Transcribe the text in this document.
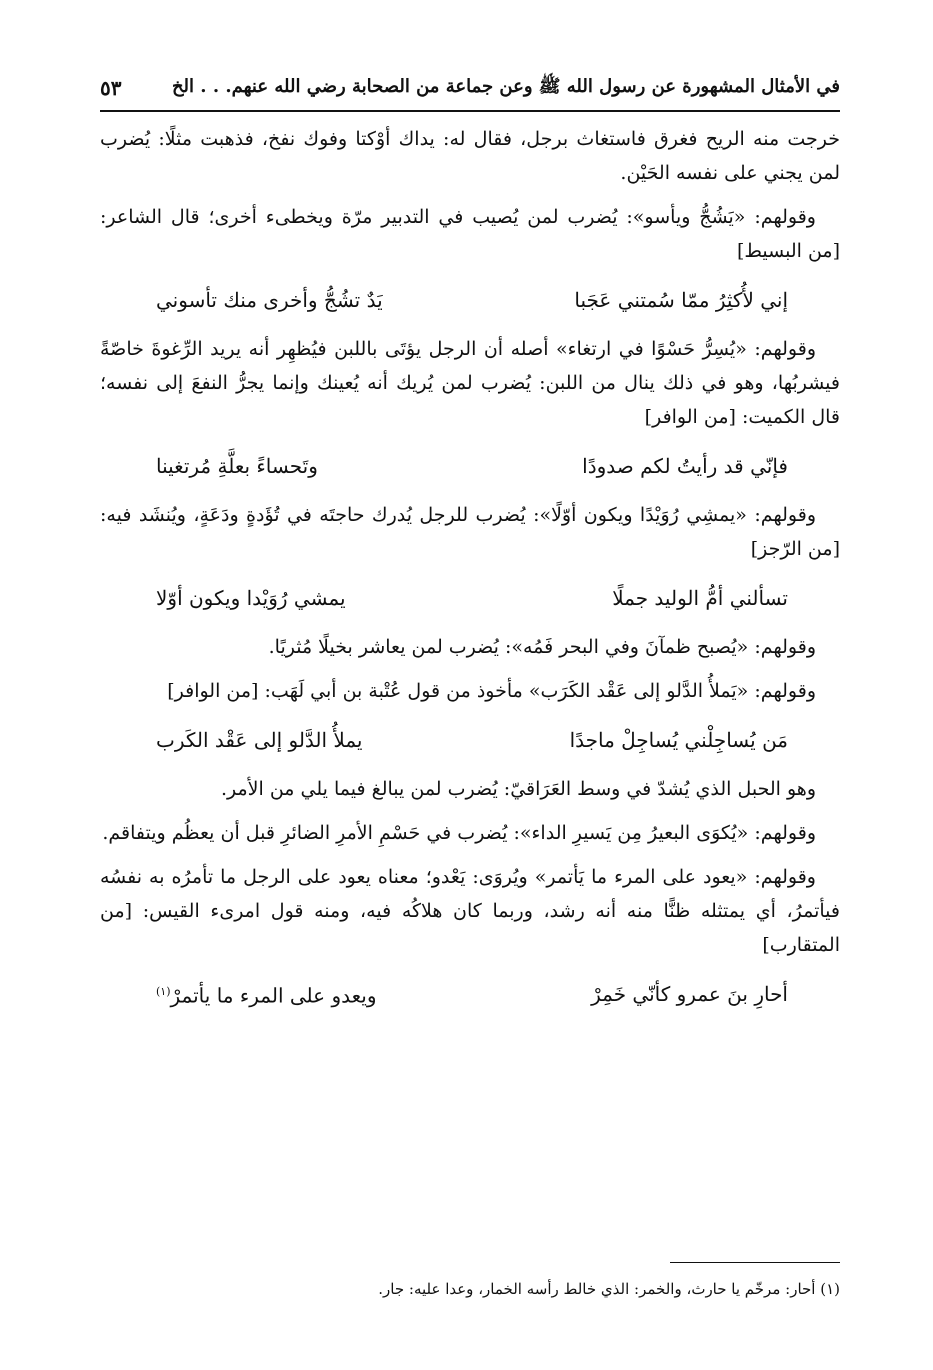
في الأمثال المشهورة عن رسول الله ﷺ وعن جماعة من الصحابة رضي الله عنهم. . . الخ
٥٣

خرجت منه الريح فغرق فاستغاث برجل، فقال له: يداك أوْكتا وفوك نفخ، فذهبت مثلًا: يُضرب لمن يجني على نفسه الحَيْن.

وقولهم: «يَشُجُّ ويأسو»: يُضرب لمن يُصيب في التدبير مرّة ويخطىء أخرى؛ قال الشاعر: [من البسيط]

إني لأُكثِرُ ممّا سُمتني عَجَبا
يَدٌ تشُجُّ وأخرى منك تأسوني

وقولهم: «يُسِرُّ حَسْوًا في ارتغاء» أصله أن الرجل يؤتَى باللبن فيُظهِر أنه يريد الرِّغوةَ خاصّةً فيشربُها، وهو في ذلك ينال من اللبن: يُضرب لمن يُريك أنه يُعينك وإنما يجرُّ النفعَ إلى نفسه؛ قال الكميت: [من الوافر]

فإنّي قد رأيتُ لكم صدودًا
وتَحساءً بعلَّةِ مُرتغينا

وقولهم: «يمشِي رُوَيْدًا ويكون أوّلًا»: يُضرب للرجل يُدرك حاجتَه في تُؤَدةٍ ودَعَةٍ، ويُنشَد فيه: [من الرّجز]

تسألني أمُّ الوليد جملًا
يمشي رُوَيْدا ويكون أوّلا

وقولهم: «يُصبح ظمآنَ وفي البحر فَمُه»: يُضرب لمن يعاشر بخيلًا مُثريًا.

وقولهم: «يَملأُ الدَّلو إلى عَقْد الكَرَب» مأخوذ من قول عُتْبة بن أبي لَهَب: [من الوافر]

مَن يُساجِلْني يُساجِلْ ماجدًا
يملأُ الدَّلو إلى عَقْد الكَرب

وهو الحبل الذي يُشدّ في وسط العَرَاقيّ: يُضرب لمن يبالغ فيما يلي من الأمر.

وقولهم: «يُكوَى البعيرُ مِن يَسيرِ الداء»: يُضرب في حَسْمِ الأمرِ الضائرِ قبل أن يعظُم ويتفاقم.

وقولهم: «يعود على المرء ما يَأتمر» ويُروَى: يَعْدو؛ معناه يعود على الرجل ما تأمرُه به نفسُه فيأتمرُ، أي يمتثله ظنًّا منه أنه رشد، وربما كان هلاكُه فيه، ومنه قول امرىء القيس: [من المتقارب]

أحارِ بنَ عمرو كأنّي خَمِرْ
ويعدو على المرء ما يأتمرْ$^{(١)}$
(١) أحار: مرخّم يا حارث، والخمر: الذي خالط رأسه الخمار، وعدا عليه: جار.
